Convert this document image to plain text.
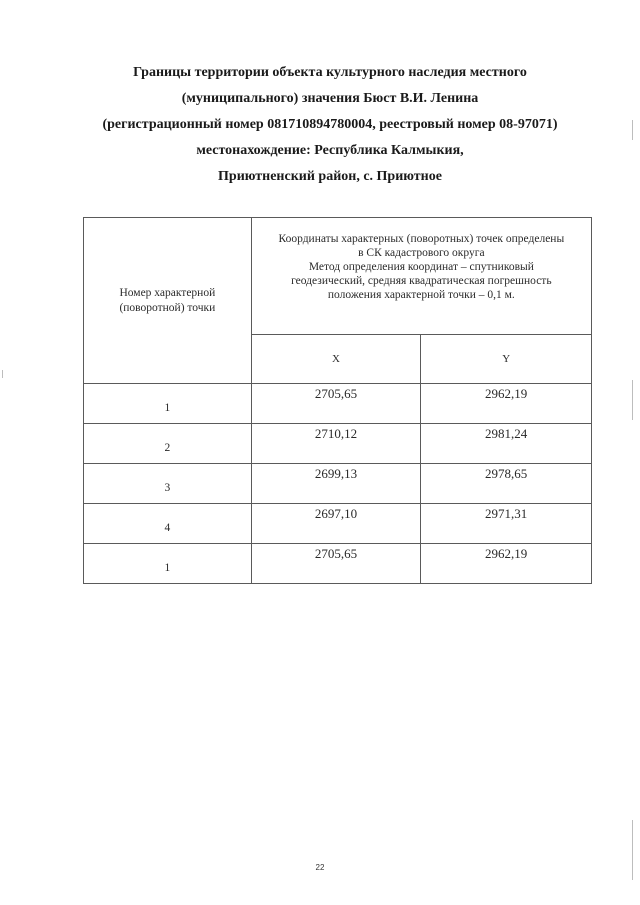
Границы территории объекта культурного наследия местного
(муниципального) значения Бюст В.И. Ленина
(регистрационный номер 081710894780004, реестровый номер 08-97071)
местонахождение: Республика Калмыкия,
Приютненский район, с. Приютное
Номер характерной
(поворотной) точки	Координаты характерных (поворотных) точек определены
в СК кадастрового округа
Метод определения координат – спутниковый
геодезический, средняя квадратическая погрешность
положения характерной точки – 0,1 м.	

	X	Y
1	2705,65	2962,19
2	2710,12	2981,24
3	2699,13	2978,65
4	2697,10	2971,31
1	2705,65	2962,19
22
